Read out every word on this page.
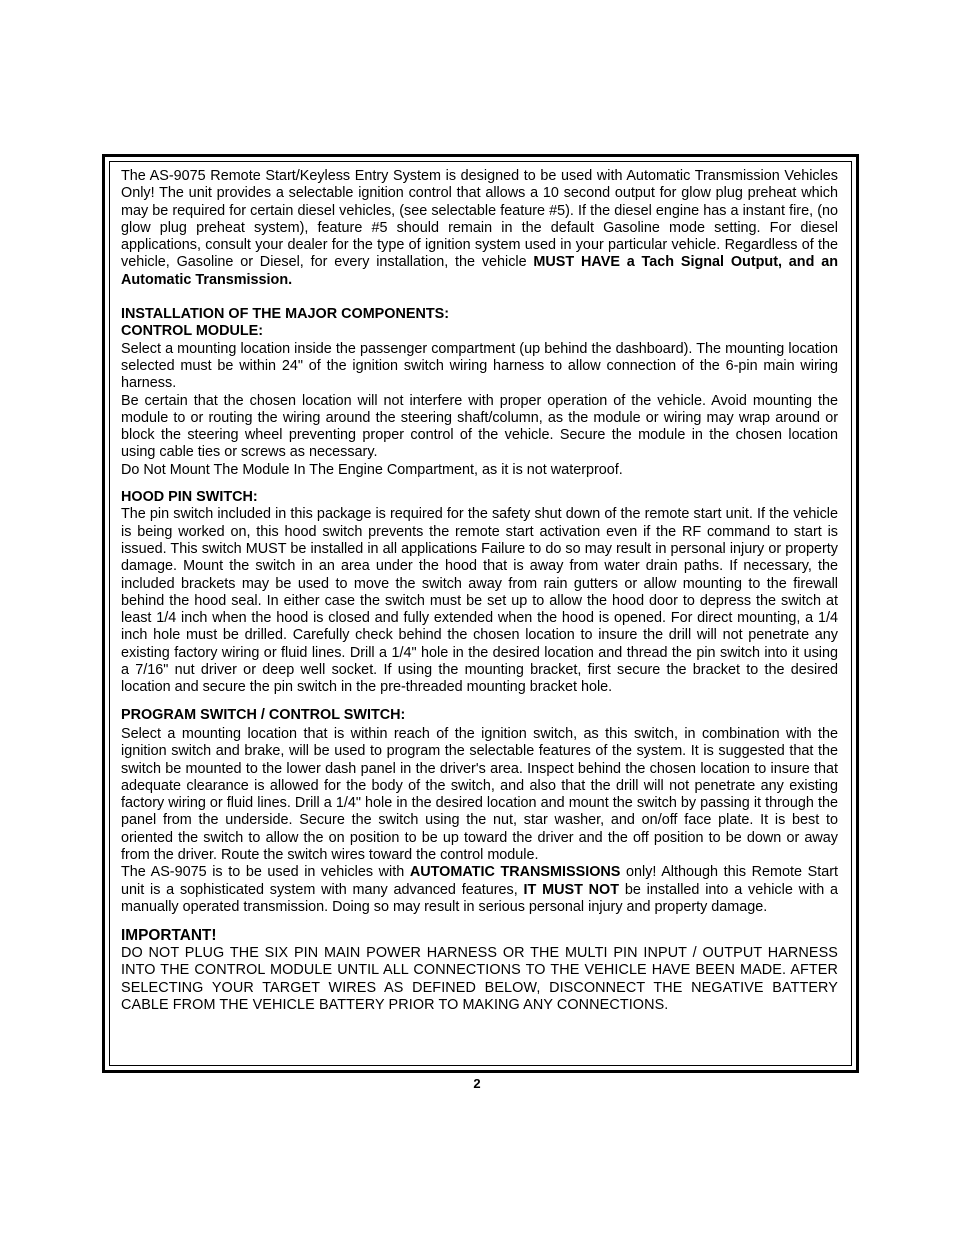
The AS-9075 Remote Start/Keyless Entry System is designed to be used with Automatic Transmission Vehicles Only! The unit provides a selectable ignition control that allows a 10 second output for glow plug preheat which may be required for certain diesel vehicles, (see selectable feature #5). If the diesel engine has a instant fire, (no glow plug preheat system), feature #5 should remain in the default Gasoline mode setting. For diesel applications, consult your dealer for the type of ignition system used in your particular vehicle. Regardless of the vehicle, Gasoline or Diesel, for every installation, the vehicle MUST HAVE a Tach Signal Output, and an Automatic Transmission.

INSTALLATION OF THE MAJOR COMPONENTS:

CONTROL MODULE:

Select a mounting location inside the passenger compartment (up behind the dashboard). The mounting location selected must be within 24" of the ignition switch wiring harness to allow connection of the 6-pin main wiring harness.

Be certain that the chosen location will not interfere with proper operation of the vehicle. Avoid mounting the module to or routing the wiring around the steering shaft/column, as the module or wiring may wrap around or block the steering wheel preventing proper control of the vehicle. Secure the module in the chosen location using cable ties or screws as necessary.

Do Not Mount The Module In The Engine Compartment, as it is not waterproof.

HOOD PIN SWITCH:

The pin switch included in this package is required for the safety shut down of the remote start unit. If the vehicle is being worked on, this hood switch prevents the remote start activation even if the RF command to start is issued. This switch MUST be installed in all applications Failure to do so may result in personal injury or property damage. Mount the switch in an area under the hood that is away from water drain paths. If necessary, the included brackets may be used to move the switch away from rain gutters or allow mounting to the firewall behind the hood seal. In either case the switch must be set up to allow the hood door to depress the switch at least 1/4 inch when the hood is closed and fully extended when the hood is opened. For direct mounting, a 1/4 inch hole must be drilled. Carefully check behind the chosen location to insure the drill will not penetrate any existing factory wiring or fluid lines. Drill a 1/4" hole in the desired location and thread the pin switch into it using a 7/16" nut driver or deep well socket. If using the mounting bracket, first secure the bracket to the desired location and secure the pin switch in the pre-threaded mounting bracket hole.

PROGRAM SWITCH / CONTROL SWITCH:

Select a mounting location that is within reach of the ignition switch, as this switch, in combination with the ignition switch and brake, will be used to program the selectable features of the system. It is suggested that the switch be mounted to the lower dash panel in the driver's area. Inspect behind the chosen location to insure that adequate clearance is allowed for the body of the switch, and also that the drill will not penetrate any existing factory wiring or fluid lines. Drill a 1/4" hole in the desired location and mount the switch by passing it through the panel from the underside. Secure the switch using the nut, star washer, and on/off face plate. It is best to oriented the switch to allow the on position to be up toward the driver and the off position to be down or away from the driver. Route the switch wires toward the control module.

The AS-9075 is to be used in vehicles with AUTOMATIC TRANSMISSIONS only! Although this Remote Start unit is a sophisticated system with many advanced features, IT MUST NOT be installed into a vehicle with a manually operated transmission. Doing so may result in serious personal injury and property damage.

IMPORTANT!

DO NOT PLUG THE SIX PIN MAIN POWER HARNESS OR THE MULTI PIN INPUT / OUTPUT HARNESS INTO THE CONTROL MODULE UNTIL ALL CONNECTIONS TO THE VEHICLE HAVE BEEN MADE. AFTER SELECTING YOUR TARGET WIRES AS DEFINED BELOW, DISCONNECT THE NEGATIVE BATTERY CABLE FROM THE VEHICLE BATTERY PRIOR TO MAKING ANY CONNECTIONS.

2
